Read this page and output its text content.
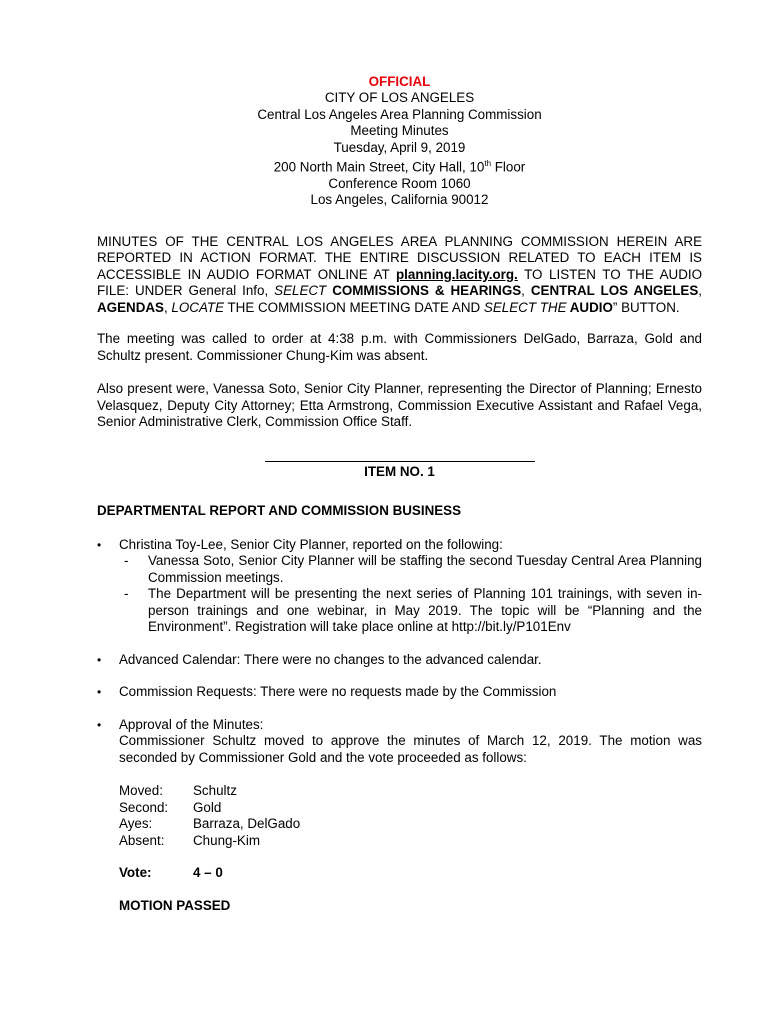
OFFICIAL
CITY OF LOS ANGELES
Central Los Angeles Area Planning Commission
Meeting Minutes
Tuesday, April 9, 2019
200 North Main Street, City Hall, 10th Floor
Conference Room 1060
Los Angeles, California 90012

MINUTES OF THE CENTRAL LOS ANGELES AREA PLANNING COMMISSION HEREIN ARE REPORTED IN ACTION FORMAT. THE ENTIRE DISCUSSION RELATED TO EACH ITEM IS ACCESSIBLE IN AUDIO FORMAT ONLINE AT planning.lacity.org. TO LISTEN TO THE AUDIO FILE: UNDER General Info, SELECT COMMISSIONS & HEARINGS, CENTRAL LOS ANGELES, AGENDAS, LOCATE THE COMMISSION MEETING DATE AND SELECT THE AUDIO” BUTTON.

The meeting was called to order at 4:38 p.m. with Commissioners DelGado, Barraza, Gold and Schultz present. Commissioner Chung-Kim was absent.

Also present were, Vanessa Soto, Senior City Planner, representing the Director of Planning; Ernesto Velasquez, Deputy City Attorney; Etta Armstrong, Commission Executive Assistant and Rafael Vega, Senior Administrative Clerk, Commission Office Staff.

ITEM NO. 1
DEPARTMENTAL REPORT AND COMMISSION BUSINESS
• Christina Toy-Lee, Senior City Planner, reported on the following:
- Vanessa Soto, Senior City Planner will be staffing the second Tuesday Central Area Planning Commission meetings.
- The Department will be presenting the next series of Planning 101 trainings, with seven in-person trainings and one webinar, in May 2019. The topic will be “Planning and the Environment”. Registration will take place online at http://bit.ly/P101Env
• Advanced Calendar: There were no changes to the advanced calendar.
• Commission Requests: There were no requests made by the Commission
• Approval of the Minutes:
Commissioner Schultz moved to approve the minutes of March 12, 2019. The motion was seconded by Commissioner Gold and the vote proceeded as follows:
Moved:	Schultz
Second:	Gold
Ayes:	Barraza, DelGado
Absent:	Chung-Kim
Vote:	4 – 0
MOTION PASSED
